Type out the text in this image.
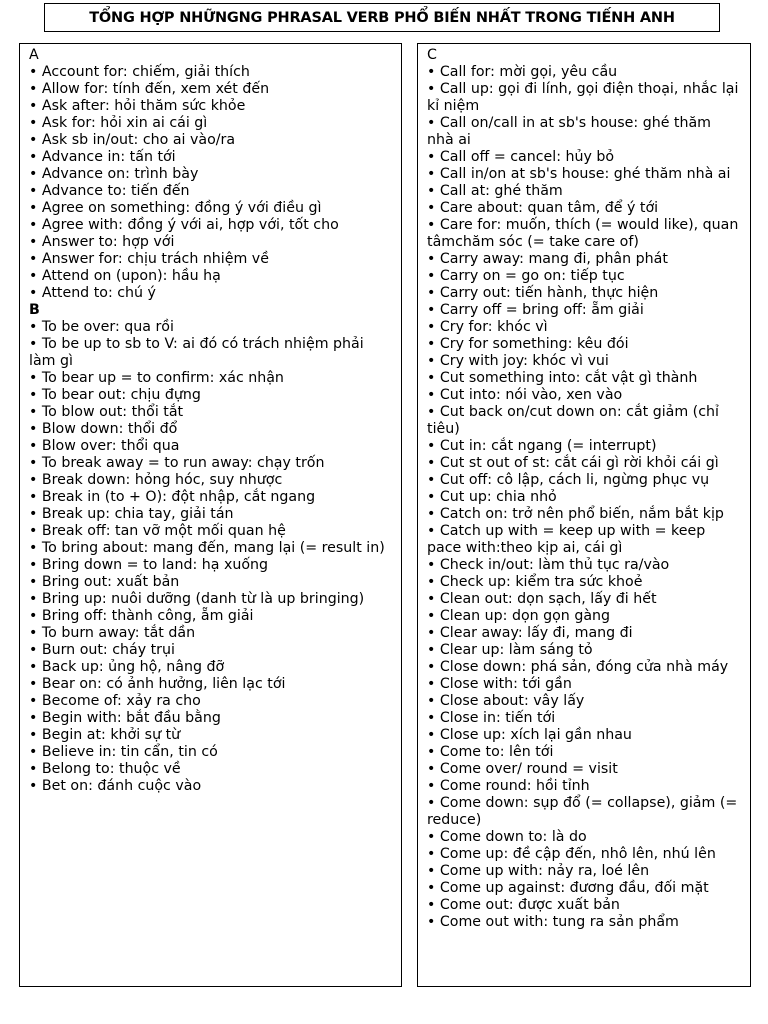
TỔNG HỢP NHỮNGNG PHRASAL VERB PHỔ BIẾN NHẤT TRONG TIẾNH ANH
A
• Account for: chiếm, giải thích
• Allow for: tính đến, xem xét đến
• Ask after: hỏi thăm sức khỏe
• Ask for: hỏi xin ai cái gì
• Ask sb in/out: cho ai vào/ra
• Advance in: tấn tới
• Advance on: trình bày
• Advance to: tiến đến
• Agree on something: đồng ý với điều gì
• Agree with: đồng ý với ai, hợp với, tốt cho
• Answer to: hợp với
• Answer for: chịu trách nhiệm về
• Attend on (upon): hầu hạ
• Attend to: chú ý
B
• To be over: qua rồi
• To be up to sb to V: ai đó có trách nhiệm phải làm gì
• To bear up = to confirm: xác nhận
• To bear out: chịu đựng
• To blow out: thổi tắt
• Blow down: thổi đổ
• Blow over: thổi qua
• To break away = to run away: chạy trốn
• Break down: hỏng hóc, suy nhược
• Break in (to + O): đột nhập, cắt ngang
• Break up: chia tay, giải tán
• Break off: tan vỡ một mối quan hệ
• To bring about: mang đến, mang lại (= result in)
• Bring down = to land: hạ xuống
• Bring out: xuất bản
• Bring up: nuôi dưỡng (danh từ là up bringing)
• Bring off: thành công, ẵm giải
• To burn away: tắt dần
• Burn out: cháy trụi
• Back up: ủng hộ, nâng đỡ
• Bear on: có ảnh hưởng, liên lạc tới
• Become of: xảy ra cho
• Begin with: bắt đầu bằng
• Begin at: khởi sự từ
• Believe in: tin cẩn, tin có
• Belong to: thuộc về
• Bet on: đánh cuộc vào
C
• Call for: mời gọi, yêu cầu
• Call up: gọi đi lính, gọi điện thoại, nhắc lại kỉ niệm
• Call on/call in at sb's house: ghé thăm nhà ai
• Call off = cancel: hủy bỏ
• Call in/on at sb's house: ghé thăm nhà ai
• Call at: ghé thăm
• Care about: quan tâm, để ý tới
• Care for: muốn, thích (= would like), quan tâmchăm sóc (= take care of)
• Carry away: mang đi, phân phát
• Carry on = go on: tiếp tục
• Carry out: tiến hành, thực hiện
• Carry off = bring off: ẵm giải
• Cry for: khóc vì
• Cry for something: kêu đói
• Cry with joy: khóc vì vui
• Cut something into: cắt vật gì thành
• Cut into: nói vào, xen vào
• Cut back on/cut down on: cắt giảm (chỉ tiêu)
• Cut in: cắt ngang (= interrupt)
• Cut st out of st: cắt cái gì rời khỏi cái gì
• Cut off: cô lập, cách li, ngừng phục vụ
• Cut up: chia nhỏ
• Catch on: trở nên phổ biến, nắm bắt kịp
• Catch up with = keep up with = keep pace with:theo kịp ai, cái gì
• Check in/out: làm thủ tục ra/vào
• Check up: kiểm tra sức khoẻ
• Clean out: dọn sạch, lấy đi hết
• Clean up: dọn gọn gàng
• Clear away: lấy đi, mang đi
• Clear up: làm sáng tỏ
• Close down: phá sản, đóng cửa nhà máy
• Close with: tới gần
• Close about: vây lấy
• Close in: tiến tới
• Close up: xích lại gần nhau
• Come to: lên tới
• Come over/ round = visit
• Come round: hồi tỉnh
• Come down: sụp đổ (= collapse), giảm (= reduce)
• Come down to: là do
• Come up: đề cập đến, nhô lên, nhú lên
• Come up with: nảy ra, loé lên
• Come up against: đương đầu, đối mặt
• Come out: được xuất bản
• Come out with: tung ra sản phẩm
